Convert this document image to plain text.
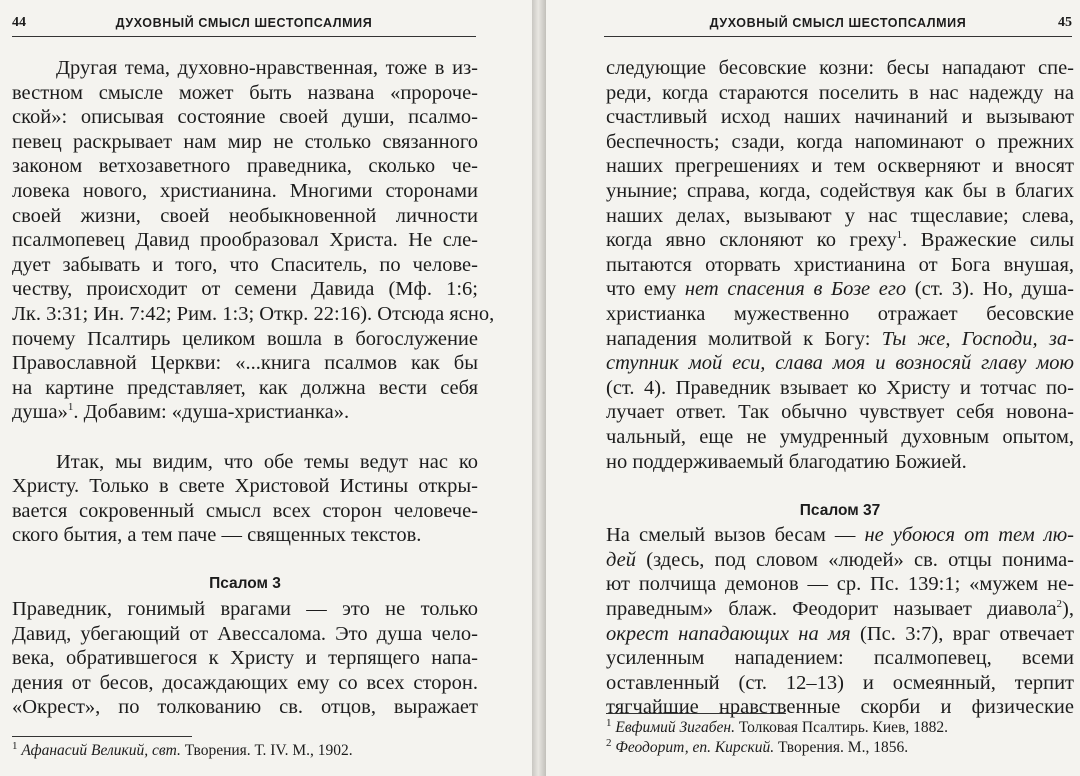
44	ДУХОВНЫЙ СМЫСЛ ШЕСТОПСАЛМИЯ
Другая тема, духовно-нравственная, тоже в из-
вестном смысле может быть названа «пророче-
ской»: описывая состояние своей души, псалмо-
певец раскрывает нам мир не столько связанного
законом ветхозаветного праведника, сколько че-
ловека нового, христианина. Многими сторонами
своей жизни, своей необыкновенной личности
псалмопевец Давид прообразовал Христа. Не сле-
дует забывать и того, что Спаситель, по челове-
честву, происходит от семени Давида (Мф. 1:6;
Лк. 3:31; Ин. 7:42; Рим. 1:3; Откр. 22:16). Отсюда ясно,
почему Псалтирь целиком вошла в богослужение
Православной Церкви: «...книга псалмов как бы
на картине представляет, как должна вести себя
душа»$^1$. Добавим: «душа-христианка».
Итак, мы видим, что обе темы ведут нас ко
Христу. Только в свете Христовой Истины откры-
вается сокровенный смысл всех сторон человече-
ского бытия, а тем паче — священных текстов.
Псалом 3
Праведник, гонимый врагами — это не только
Давид, убегающий от Авессалома. Это душа чело-
века, обратившегося к Христу и терпящего напа-
дения от бесов, досаждающих ему со всех сторон.
«Окрест», по толкованию св. отцов, выражает
$^1$ Афанасий Великий, свт. Творения. Т. IV. М., 1902.
ДУХОВНЫЙ СМЫСЛ ШЕСТОПСАЛМИЯ	45
следующие бесовские козни: бесы нападают спе-
реди, когда стараются поселить в нас надежду на
счастливый исход наших начинаний и вызывают
беспечность; сзади, когда напоминают о прежних
наших прегрешениях и тем оскверняют и вносят
уныние; справа, когда, содействуя как бы в благих
наших делах, вызывают у нас тщеславие; слева,
когда явно склоняют ко греху$^1$. Вражеские силы
пытаются оторвать христианина от Бога внушая,
что ему нет спасения в Бозе его (ст. 3). Но, душа-
христианка мужественно отражает бесовские
нападения молитвой к Богу: Ты же, Господи, за-
ступник мой еси, слава моя и возносяй главу мою
(ст. 4). Праведник взывает ко Христу и тотчас по-
лучает ответ. Так обычно чувствует себя новона-
чальный, еще не умудренный духовным опытом,
но поддерживаемый благодатию Божией.
Псалом 37
На смелый вызов бесам — не убоюся от тем лю-
дей (здесь, под словом «людей» св. отцы понима-
ют полчища демонов — ср. Пс. 139:1; «мужем не-
праведным» блаж. Феодорит называет диавола$^2$),
окрест нападающих на мя (Пс. 3:7), враг отвечает
усиленным нападением: псалмопевец, всеми
оставленный (ст. 12–13) и осмеянный, терпит
тягчайшие нравственные скорби и физические
$^1$ Евфимий Зигабен. Толковая Псалтирь. Киев, 1882.
$^2$ Феодорит, еп. Кирский. Творения. М., 1856.
